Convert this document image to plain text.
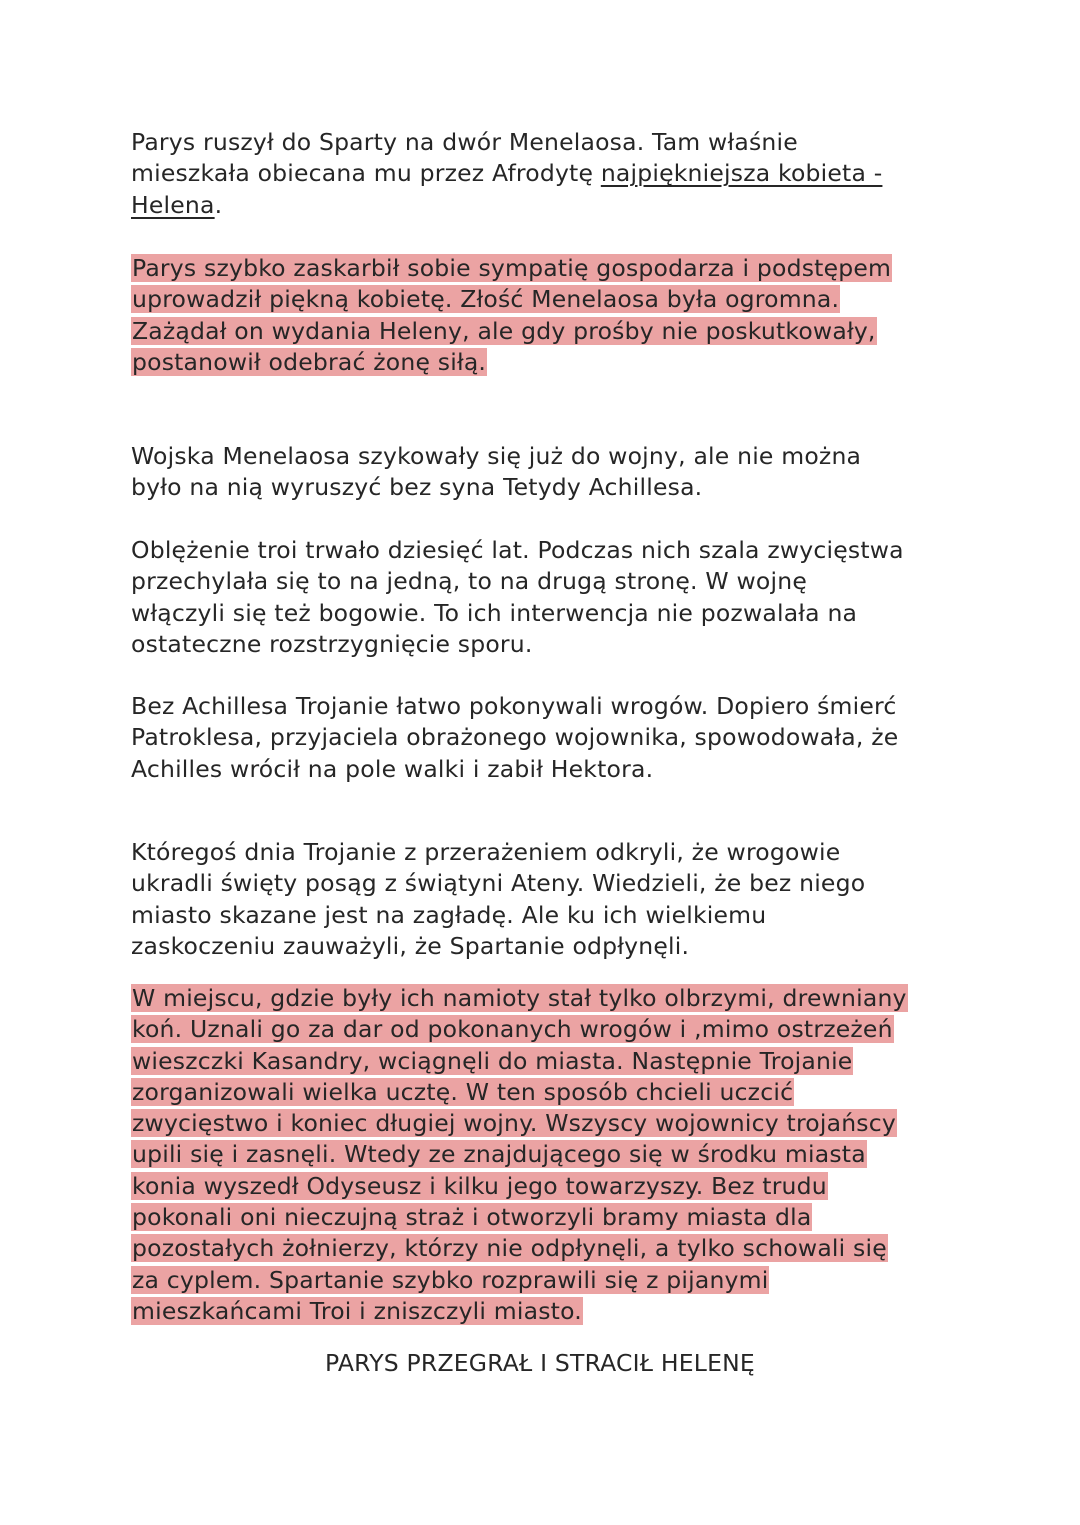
Parys ruszył do Sparty na dwór Menelaosa. Tam właśnie
mieszkała obiecana mu przez Afrodytę najpiękniejsza kobieta -
Helena.

Parys szybko zaskarbił sobie sympatię gospodarza i podstępem
uprowadził piękną kobietę. Złość Menelaosa była ogromna.
Zażądał on wydania Heleny, ale gdy prośby nie poskutkowały,
postanowił odebrać żonę siłą.

Wojska Menelaosa szykowały się już do wojny, ale nie można
było na nią wyruszyć bez syna Tetydy Achillesa.

Oblężenie troi trwało dziesięć lat. Podczas nich szala zwycięstwa
przechylała się to na jedną, to na drugą stronę. W wojnę
włączyli się też bogowie. To ich interwencja nie pozwalała na
ostateczne rozstrzygnięcie sporu.

Bez Achillesa Trojanie łatwo pokonywali wrogów. Dopiero śmierć
Patroklesa, przyjaciela obrażonego wojownika, spowodowała, że
Achilles wrócił na pole walki i zabił Hektora.

Któregoś dnia Trojanie z przerażeniem odkryli, że wrogowie
ukradli święty posąg z świątyni Ateny. Wiedzieli, że bez niego
miasto skazane jest na zagładę. Ale ku ich wielkiemu
zaskoczeniu zauważyli, że Spartanie odpłynęli.

W miejscu, gdzie były ich namioty stał tylko olbrzymi, drewniany
koń. Uznali go za dar od pokonanych wrogów i ,mimo ostrzeżeń
wieszczki Kasandry, wciągnęli do miasta. Następnie Trojanie
zorganizowali wielka ucztę. W ten sposób chcieli uczcić
zwycięstwo i koniec długiej wojny. Wszyscy wojownicy trojańscy
upili się i zasnęli. Wtedy ze znajdującego się w środku miasta
konia wyszedł Odyseusz i kilku jego towarzyszy. Bez trudu
pokonali oni nieczujną straż i otworzyli bramy miasta dla
pozostałych żołnierzy, którzy nie odpłynęli, a tylko schowali się
za cyplem. Spartanie szybko rozprawili się z pijanymi
mieszkańcami Troi i zniszczyli miasto.

PARYS PRZEGRAŁ I STRACIŁ HELENĘ
